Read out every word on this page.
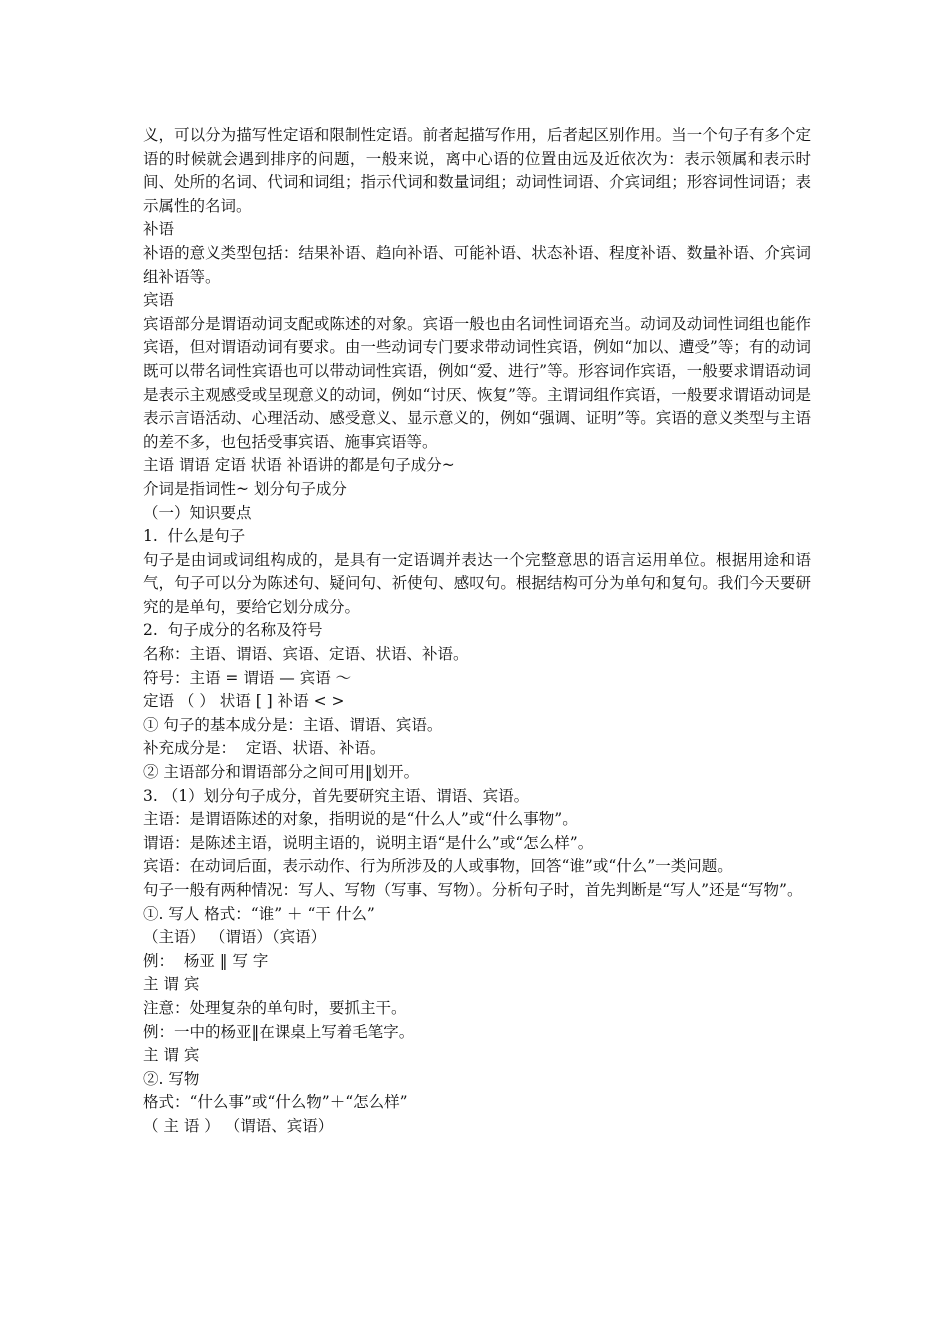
义，可以分为描写性定语和限制性定语。前者起描写作用，后者起区别作用。当一个句子有多个定语的时候就会遇到排序的问题，一般来说，离中心语的位置由远及近依次为：表示领属和表示时间、处所的名词、代词和词组；指示代词和数量词组；动词性词语、介宾词组；形容词性词语；表示属性的名词。

补语

补语的意义类型包括：结果补语、趋向补语、可能补语、状态补语、程度补语、数量补语、介宾词组补语等。

宾语

宾语部分是谓语动词支配或陈述的对象。宾语一般也由名词性词语充当。动词及动词性词组也能作宾语，但对谓语动词有要求。由一些动词专门要求带动词性宾语，例如“加以、遭受”等；有的动词既可以带名词性宾语也可以带动词性宾语，例如“爱、进行”等。形容词作宾语，一般要求谓语动词是表示主观感受或呈现意义的动词，例如“讨厌、恢复”等。主谓词组作宾语，一般要求谓语动词是表示言语活动、心理活动、感受意义、显示意义的，例如“强调、证明”等。宾语的意义类型与主语的差不多，也包括受事宾语、施事宾语等。

主语 谓语 定语 状语 补语讲的都是句子成分~

介词是指词性~ 划分句子成分

（一）知识要点

1.  什么是句子

句子是由词或词组构成的，是具有一定语调并表达一个完整意思的语言运用单位。根据用途和语气，句子可以分为陈述句、疑问句、祈使句、感叹句。根据结构可分为单句和复句。我们今天要研究的是单句，要给它划分成分。

2.  句子成分的名称及符号

名称：主语、谓语、宾语、定语、状语、补语。

符号：主语 = 谓语 — 宾语 ～

定语 （ ） 状语 [ ] 补语 < >

① 句子的基本成分是：主语、谓语、宾语。

补充成分是：  定语、状语、补语。

② 主语部分和谓语部分之间可用‖划开。

3. （1）划分句子成分，首先要研究主语、谓语、宾语。

主语：是谓语陈述的对象，指明说的是“什么人”或“什么事物”。

谓语：是陈述主语，说明主语的，说明主语“是什么”或“怎么样”。

宾语：在动词后面，表示动作、行为所涉及的人或事物，回答“谁”或“什么”一类问题。

句子一般有两种情况：写人、写物（写事、写物）。分析句子时，首先判断是“写人”还是“写物”。

①. 写人 格式：“谁” ＋ “干 什么”

（主语） （谓语）（宾语）

例：  杨亚 ‖ 写 字

主 谓 宾

注意：处理复杂的单句时，要抓主干。

例：一中的杨亚‖在课桌上写着毛笔字。

主 谓 宾

②. 写物

格式：“什么事”或“什么物”＋“怎么样”

（ 主 语 ） （谓语、宾语）
